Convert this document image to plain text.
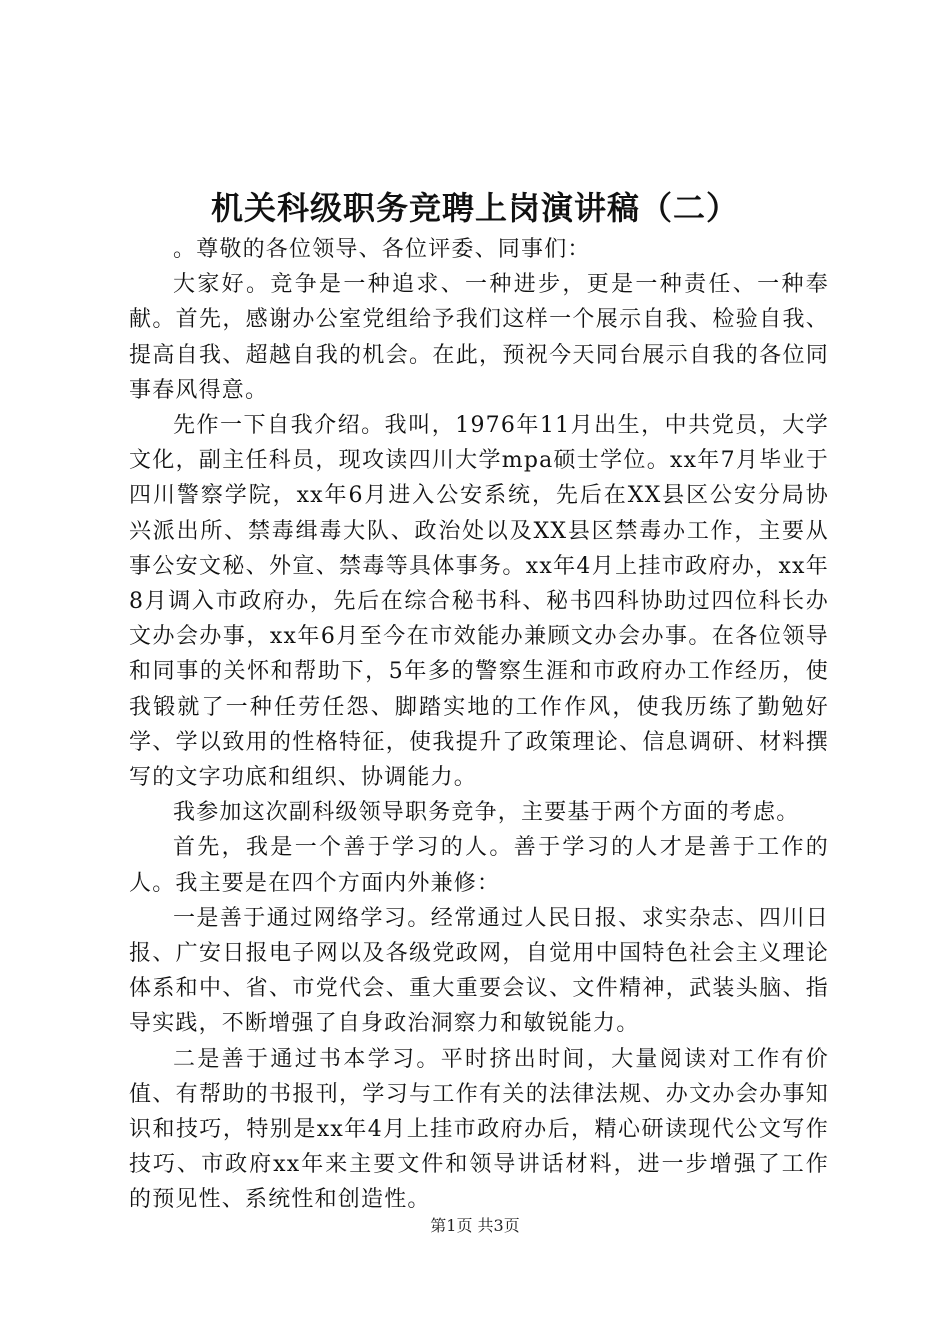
机关科级职务竞聘上岗演讲稿（二）

。尊敬的各位领导、各位评委、同事们：

大家好。竞争是一种追求、一种进步，更是一种责任、一种奉献。首先，感谢办公室党组给予我们这样一个展示自我、检验自我、提高自我、超越自我的机会。在此，预祝今天同台展示自我的各位同事春风得意。

先作一下自我介绍。我叫，1976年11月出生，中共党员，大学文化，副主任科员，现攻读四川大学mpa硕士学位。xx年7月毕业于四川警察学院，xx年6月进入公安系统，先后在XX县区公安分局协兴派出所、禁毒缉毒大队、政治处以及XX县区禁毒办工作，主要从事公安文秘、外宣、禁毒等具体事务。xx年4月上挂市政府办，xx年8月调入市政府办，先后在综合秘书科、秘书四科协助过四位科长办文办会办事，xx年6月至今在市效能办兼顾文办会办事。在各位领导和同事的关怀和帮助下，5年多的警察生涯和市政府办工作经历，使我锻就了一种任劳任怨、脚踏实地的工作作风，使我历练了勤勉好学、学以致用的性格特征，使我提升了政策理论、信息调研、材料撰写的文字功底和组织、协调能力。

我参加这次副科级领导职务竞争，主要基于两个方面的考虑。

首先，我是一个善于学习的人。善于学习的人才是善于工作的人。我主要是在四个方面内外兼修：

一是善于通过网络学习。经常通过人民日报、求实杂志、四川日报、广安日报电子网以及各级党政网，自觉用中国特色社会主义理论体系和中、省、市党代会、重大重要会议、文件精神，武装头脑、指导实践，不断增强了自身政治洞察力和敏锐能力。

二是善于通过书本学习。平时挤出时间，大量阅读对工作有价值、有帮助的书报刊，学习与工作有关的法律法规、办文办会办事知识和技巧，特别是xx年4月上挂市政府办后，精心研读现代公文写作技巧、市政府xx年来主要文件和领导讲话材料，进一步增强了工作的预见性、系统性和创造性。

第1页 共3页
